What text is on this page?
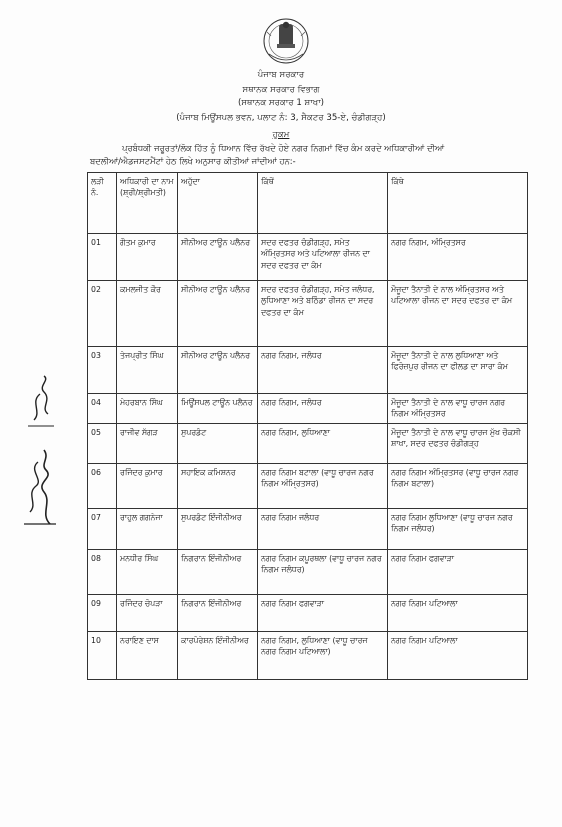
ਪੰਜਾਬ ਸਰਕਾਰ
ਸਥਾਨਕ ਸਰਕਾਰ ਵਿਭਾਗ
(ਸਥਾਨਕ ਸਰਕਾਰ 1 ਸ਼ਾਖਾ)
(ਪੰਜਾਬ ਮਿਊਂਸਪਲ ਭਵਨ, ਪਲਾਟ ਨੰ: 3, ਸੈਕਟਰ 35-ਏ, ਚੰਡੀਗੜ੍ਹ)
ਹੁਕਮ
ਪ੍ਰਬੰਧਕੀ ਜਰੂਰਤਾਂ/ਲੋਕ ਹਿੱਤ ਨੂੰ ਧਿਆਨ ਵਿੱਚ ਰੱਖਦੇ ਹੋਏ ਨਗਰ ਨਿਗਮਾਂ ਵਿੱਚ ਕੰਮ ਕਰਦੇ ਅਧਿਕਾਰੀਆਂ ਦੀਆਂ
ਬਦਲੀਆਂ/ਐਡਜਸਟਮੈਂਟਾਂ ਹੇਠ ਲਿਖੇ ਅਨੁਸਾਰ ਕੀਤੀਆਂ ਜਾਂਦੀਆਂ ਹਨ:-
ਲੜੀ ਨੰ.	ਅਧਿਕਾਰੀ ਦਾ ਨਾਮ (ਸ਼੍ਰੀ/ਸ਼੍ਰੀਮਤੀ)	ਅਹੁੱਦਾ	ਕਿੱਥੋਂ	ਕਿੱਥੇ
01	ਗੌਤਮ ਕੁਮਾਰ	ਸੀਨੀਅਰ ਟਾਊਨ ਪਲੈਨਰ	ਸਦਰ ਦਫਤਰ ਚੰਡੀਗੜ੍ਹ, ਸਮੇਤ ਅੰਮ੍ਰਿਤਸਰ ਅਤੇ ਪਟਿਆਲਾ ਰੀਜਨ ਦਾ ਸਦਰ ਦਫਤਰ ਦਾ ਕੰਮ	ਨਗਰ ਨਿਗਮ, ਅੰਮ੍ਰਿਤਸਰ
02	ਕਮਲਜੀਤ ਕੌਰ	ਸੀਨੀਅਰ ਟਾਊਨ ਪਲੈਨਰ	ਸਦਰ ਦਫਤਰ ਚੰਡੀਗੜ੍ਹ, ਸਮੇਤ ਜਲੰਧਰ, ਲੁਧਿਆਣਾ ਅਤੇ ਬਠਿੰਡਾ ਰੀਜਨ ਦਾ ਸਦਰ ਦਫਤਰ ਦਾ ਕੰਮ	ਮੌਜੂਦਾ ਤੈਨਾਤੀ ਦੇ ਨਾਲ ਅੰਮ੍ਰਿਤਸਰ ਅਤੇ ਪਟਿਆਲਾ ਰੀਜਨ ਦਾ ਸਦਰ ਦਫਤਰ ਦਾ ਕੰਮ
03	ਤੇਜਪ੍ਰੀਤ ਸਿੰਘ	ਸੀਨੀਅਰ ਟਾਊਨ ਪਲੈਨਰ	ਨਗਰ ਨਿਗਮ, ਜਲੰਧਰ	ਮੌਜੂਦਾ ਤੈਨਾਤੀ ਦੇ ਨਾਲ ਲੁਧਿਆਣਾ ਅਤੇ ਫਿਰੋਜ਼ਪੁਰ ਰੀਜਨ ਦਾ ਫੀਲਡ ਦਾ ਸਾਰਾ ਕੰਮ
04	ਮੇਹਰਬਾਨ ਸਿੰਘ	ਮਿਊਂਸਪਲ ਟਾਊਨ ਪਲੈਨਰ	ਨਗਰ ਨਿਗਮ, ਜਲੰਧਰ	ਮੌਜੂਦਾ ਤੈਨਾਤੀ ਦੇ ਨਾਲ ਵਾਧੂ ਚਾਰਜ ਨਗਰ ਨਿਗਮ ਅੰਮ੍ਰਿਤਸਰ
05	ਰਾਜੀਵ ਸੱਗੜ	ਸੁਪਰਡੰਟ	ਨਗਰ ਨਿਗਮ, ਲੁਧਿਆਣਾ	ਮੌਜੂਦਾ ਤੈਨਾਤੀ ਦੇ ਨਾਲ ਵਾਧੂ ਚਾਰਜ ਮੁੱਖ ਚੌਕਸੀ ਸ਼ਾਖਾ, ਸਦਰ ਦਫਤਰ ਚੰਡੀਗੜ੍ਹ
06	ਰਜਿੰਦਰ ਕੁਮਾਰ	ਸਹਾਇਕ ਕਮਿਸ਼ਨਰ	ਨਗਰ ਨਿਗਮ ਬਟਾਲਾ (ਵਾਧੂ ਚਾਰਜ ਨਗਰ ਨਿਗਮ ਅੰਮ੍ਰਿਤਸਰ)	ਨਗਰ ਨਿਗਮ ਅੰਮ੍ਰਿਤਸਰ (ਵਾਧੂ ਚਾਰਜ ਨਗਰ ਨਿਗਮ ਬਟਾਲਾ)
07	ਰਾਹੁਲ ਗਗਨੇਜਾ	ਸੁਪਰਡੰਟ ਇੰਜੀਨੀਅਰ	ਨਗਰ ਨਿਗਮ ਜਲੰਧਰ	ਨਗਰ ਨਿਗਮ ਲੁਧਿਆਣਾ (ਵਾਧੂ ਚਾਰਜ ਨਗਰ ਨਿਗਮ ਜਲੰਧਰ)
08	ਮਨਧੀਰ ਸਿੰਘ	ਨਿਗਰਾਨ ਇੰਜੀਨੀਅਰ	ਨਗਰ ਨਿਗਮ ਕਪੂਰਥਲਾ (ਵਾਧੂ ਚਾਰਜ ਨਗਰ ਨਿਗਮ ਜਲੰਧਰ)	ਨਗਰ ਨਿਗਮ ਫਗਵਾੜਾ
09	ਰਜਿੰਦਰ ਚੋਪੜਾ	ਨਿਗਰਾਨ ਇੰਜੀਨੀਅਰ	ਨਗਰ ਨਿਗਮ ਫਗਵਾੜਾ	ਨਗਰ ਨਿਗਮ ਪਟਿਆਲਾ
10	ਨਰਾਇਣ ਦਾਸ	ਕਾਰਪੋਰੇਸ਼ਨ ਇੰਜੀਨੀਅਰ	ਨਗਰ ਨਿਗਮ, ਲੁਧਿਆਣਾ (ਵਾਧੂ ਚਾਰਜ ਨਗਰ ਨਿਗਮ ਪਟਿਆਲਾ)	ਨਗਰ ਨਿਗਮ ਪਟਿਆਲਾ
